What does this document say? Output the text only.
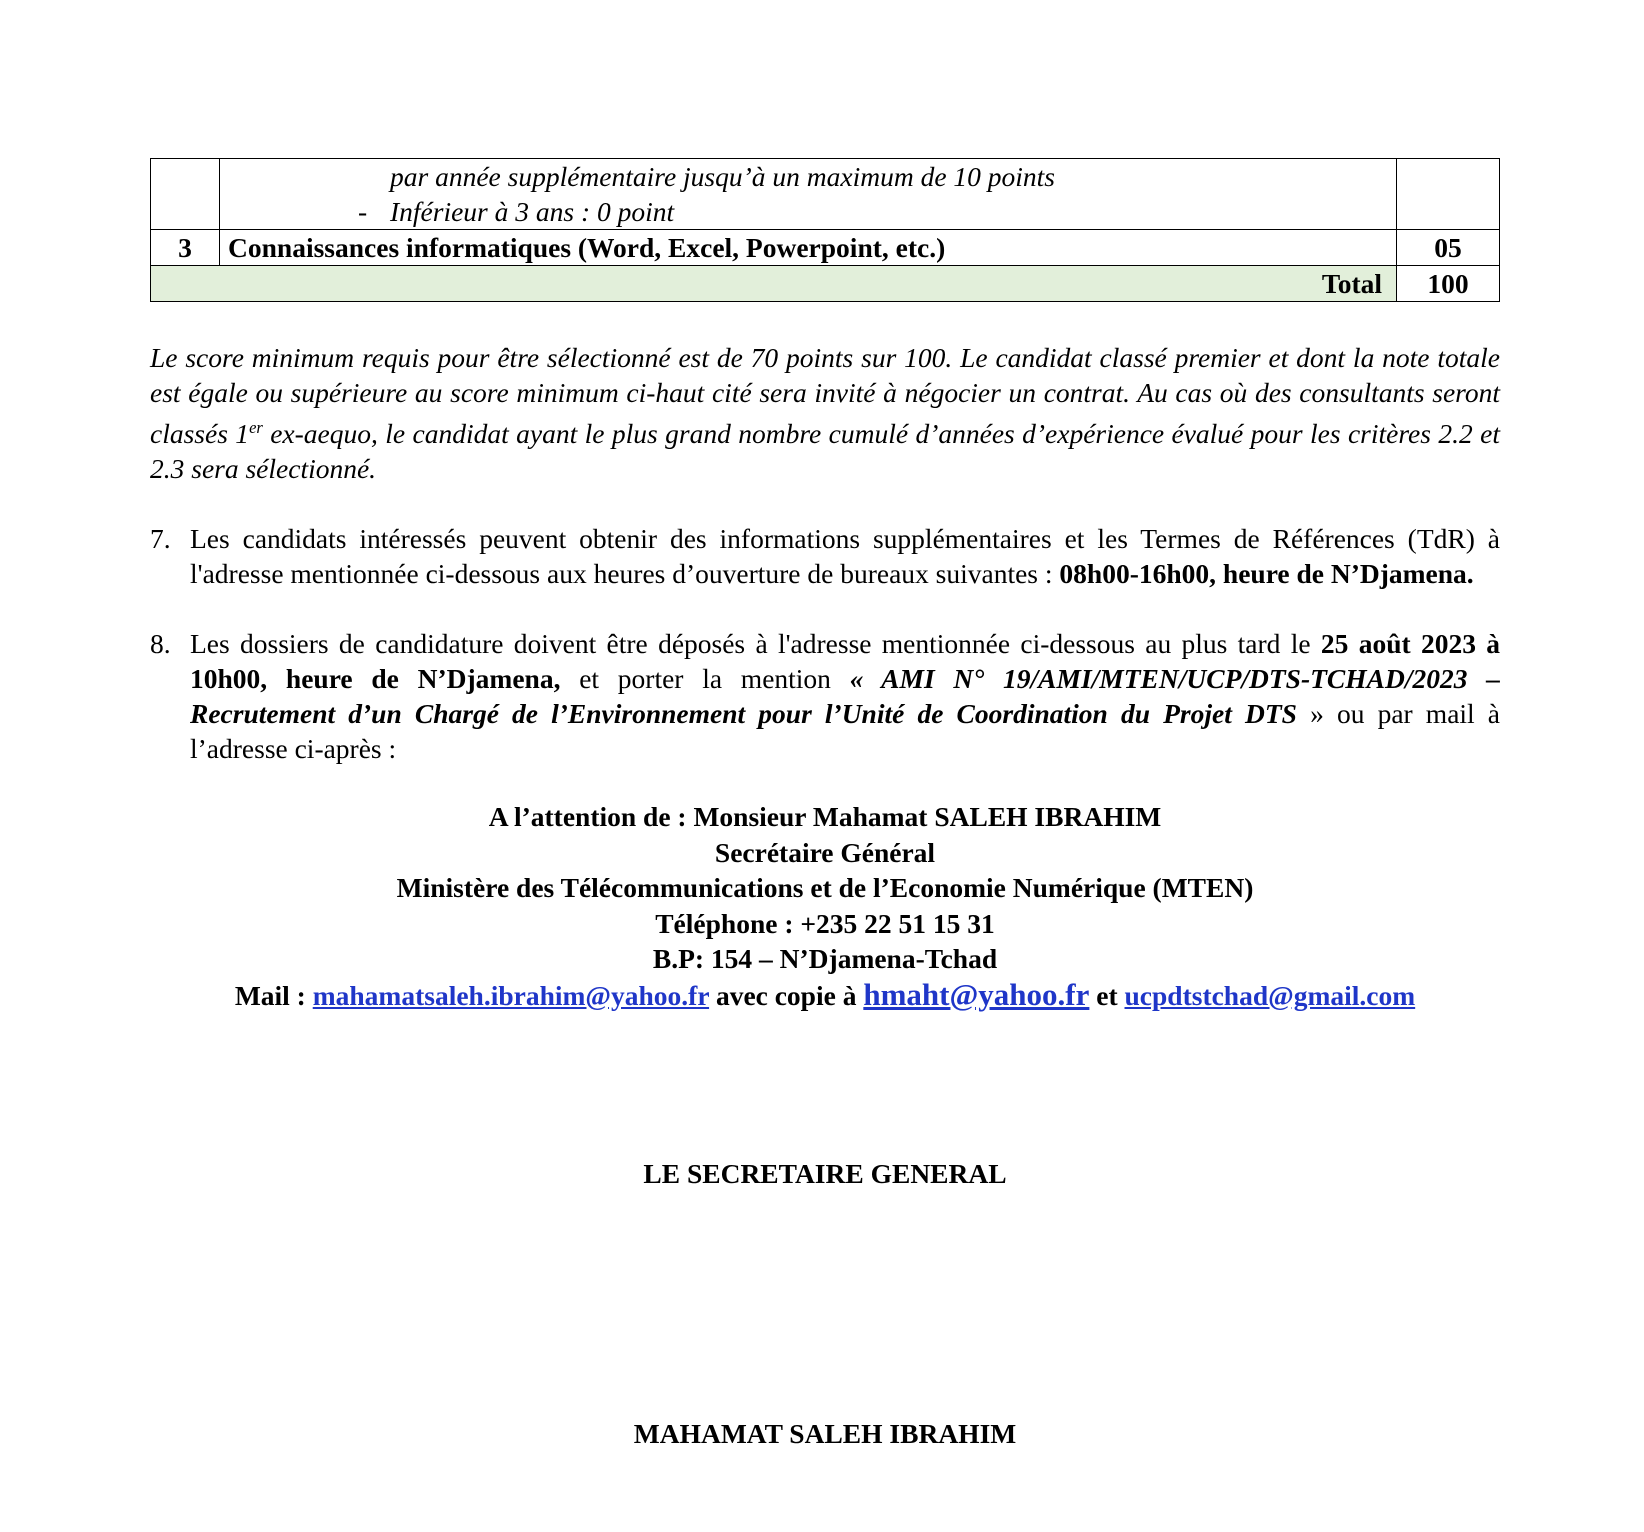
	par année supplémentaire jusqu’à un maximum de 10 points
- Inférieur à 3 ans : 0 point	

3	Connaissances informatiques (Word, Excel, Powerpoint, etc.)	05
Total		100

Le score minimum requis pour être sélectionné est de 70 points sur 100. Le candidat classé premier et dont la note totale est égale ou supérieure au score minimum ci-haut cité sera invité à négocier un contrat. Au cas où des consultants seront classés 1er ex-aequo, le candidat ayant le plus grand nombre cumulé d’années d’expérience évalué pour les critères 2.2 et 2.3 sera sélectionné.

7. Les candidats intéressés peuvent obtenir des informations supplémentaires et les Termes de Références (TdR) à l'adresse mentionnée ci-dessous aux heures d’ouverture de bureaux suivantes : 08h00-16h00, heure de N’Djamena.
8. Les dossiers de candidature doivent être déposés à l'adresse mentionnée ci-dessous au plus tard le 25 août 2023 à 10h00, heure de N’Djamena, et porter la mention « AMI N° 19/AMI/MTEN/UCP/DTS-TCHAD/2023 – Recrutement d’un Chargé de l’Environnement pour l’Unité de Coordination du Projet DTS » ou par mail à l’adresse ci-après :
A l’attention de : Monsieur Mahamat SALEH IBRAHIM
Secrétaire Général
Ministère des Télécommunications et de l’Economie Numérique (MTEN)
Téléphone : +235 22 51 15 31
B.P: 154 – N’Djamena-Tchad
Mail : mahamatsaleh.ibrahim@yahoo.fr avec copie à hmaht@yahoo.fr et ucpdtstchad@gmail.com
LE SECRETAIRE GENERAL
MAHAMAT SALEH IBRAHIM
